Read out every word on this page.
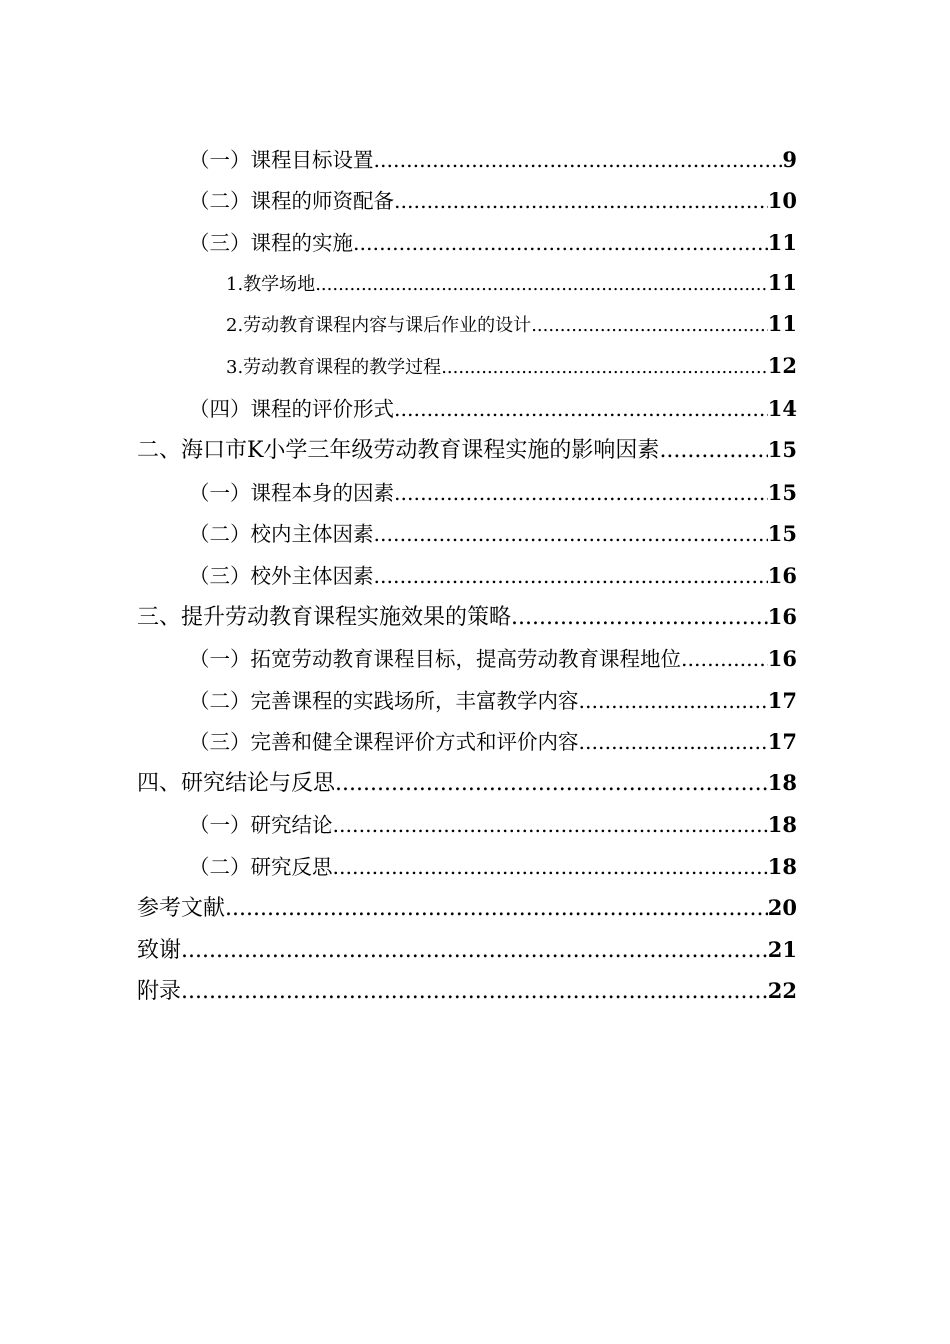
（一）课程目标设置 .....	9
（二）课程的师资配备 .....	10
（三）课程的实施 .....	11
1.教学场地 .....	11
2.劳动教育课程内容与课后作业的设计 .....	11
3.劳动教育课程的教学过程 .....	12
（四）课程的评价形式 .....	14
二、海口市K小学三年级劳动教育课程实施的影响因素 .....	15
（一）课程本身的因素 .....	15
（二）校内主体因素 .....	15
（三）校外主体因素 .....	16
三、提升劳动教育课程实施效果的策略 .....	16
（一）拓宽劳动教育课程目标，提高劳动教育课程地位 .....	16
（二）完善课程的实践场所，丰富教学内容 .....	17
（三）完善和健全课程评价方式和评价内容 .....	17
四、研究结论与反思 .....	18
（一）研究结论 .....	18
（二）研究反思 .....	18
参考文献 .....	20
致谢 .....	21
附录 .....	22
